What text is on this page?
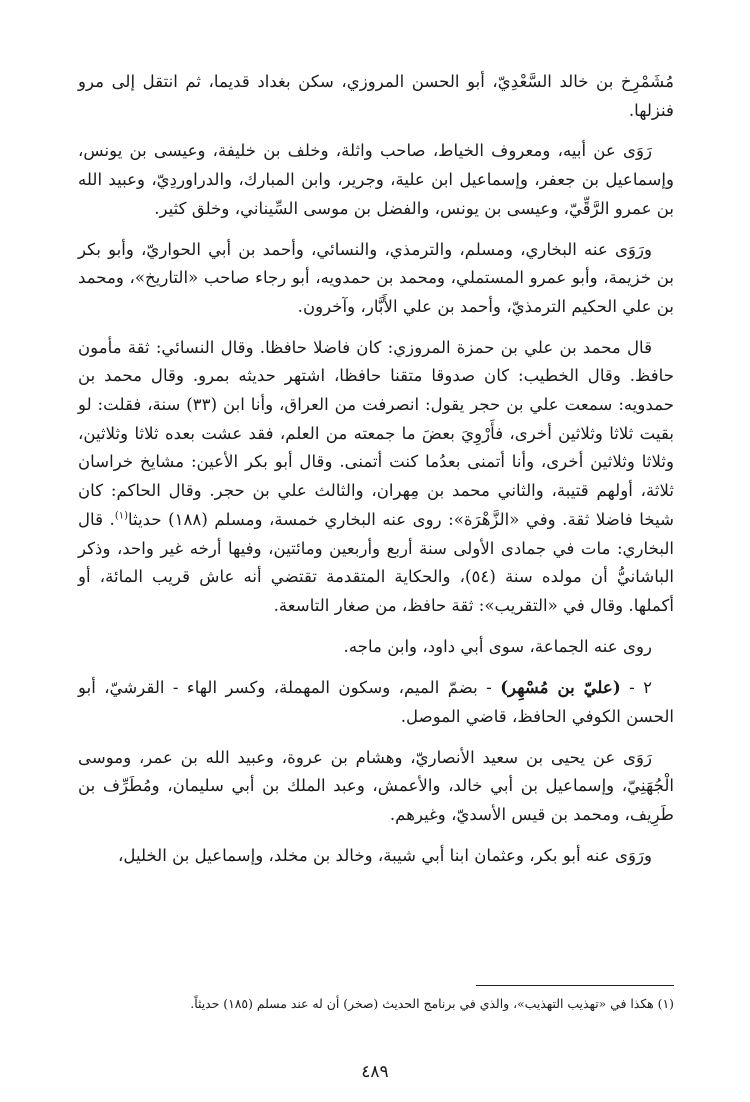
مُشَمْرِخ بن خالد السَّعْدِيّ، أبو الحسن المروزي، سكن بغداد قديما، ثم انتقل إلى مرو فنزلها.

رَوَى عن أبيه، ومعروف الخياط، صاحب واثلة، وخلف بن خليفة، وعيسى بن يونس، وإسماعيل بن جعفر، وإسماعيل ابن علية، وجرير، وابن المبارك، والدراوردِيّ، وعبيد الله بن عمرو الرَّقِّيّ، وعيسى بن يونس، والفضل بن موسى السِّيناني، وخلق كثير.

ورَوَى عنه البخاري، ومسلم، والترمذي، والنسائي، وأحمد بن أبي الحواريّ، وأبو بكر بن خزيمة، وأبو عمرو المستملي، ومحمد بن حمدويه، أبو رجاء صاحب «التاريخ»، ومحمد بن علي الحكيم الترمذيّ، وأحمد بن علي الأَبَّار، وآخرون.

قال محمد بن علي بن حمزة المروزي: كان فاضلا حافظا. وقال النسائي: ثقة مأمون حافظ. وقال الخطيب: كان صدوقا متقنا حافظا، اشتهر حديثه بمرو. وقال محمد بن حمدويه: سمعت علي بن حجر يقول: انصرفت من العراق، وأنا ابن (٣٣) سنة، فقلت: لو بقيت ثلاثا وثلاثين أخرى، فأَرْوِيَ بعضَ ما جمعته من العلم، فقد عشت بعده ثلاثا وثلاثين، وثلاثا وثلاثين أخرى، وأنا أتمنى بعدُما كنت أتمنى. وقال أبو بكر الأعين: مشايخ خراسان ثلاثة، أولهم قتيبة، والثاني محمد بن مِهران، والثالث علي بن حجر. وقال الحاكم: كان شيخا فاضلا ثقة. وفي «الزَّهْرَة»: روى عنه البخاري خمسة، ومسلم (١٨٨) حديثا$^{(١)}$. قال البخاري: مات في جمادى الأولى سنة أربع وأربعين ومائتين، وفيها أرخه غير واحد، وذكر الباشانيُّ أن مولده سنة (٥٤)، والحكاية المتقدمة تقتضي أنه عاش قريب المائة، أو أكملها. وقال في «التقريب»: ثقة حافظ، من صغار التاسعة.

روى عنه الجماعة، سوى أبي داود، وابن ماجه.

٢ - (عليّ بن مُسْهِر) - بضمّ الميم، وسكون المهملة، وكسر الهاء - القرشيّ، أبو الحسن الكوفي الحافظ، قاضي الموصل.

رَوَى عن يحيى بن سعيد الأنصاريّ، وهشام بن عروة، وعبيد الله بن عمر، وموسى الْجُهَنِيّ، وإسماعيل بن أبي خالد، والأعمش، وعبد الملك بن أبي سليمان، ومُطَرِّف بن طَرِيف، ومحمد بن قيس الأسديّ، وغيرهم.

ورَوَى عنه أبو بكر، وعثمان ابنا أبي شيبة، وخالد بن مخلد، وإسماعيل بن الخليل،

(١) هكذا في «تهذيب التهذيب»، والذي في برنامج الحديث (صخر) أن له عند مسلم (١٨٥) حديثاً.
٤٨٩
